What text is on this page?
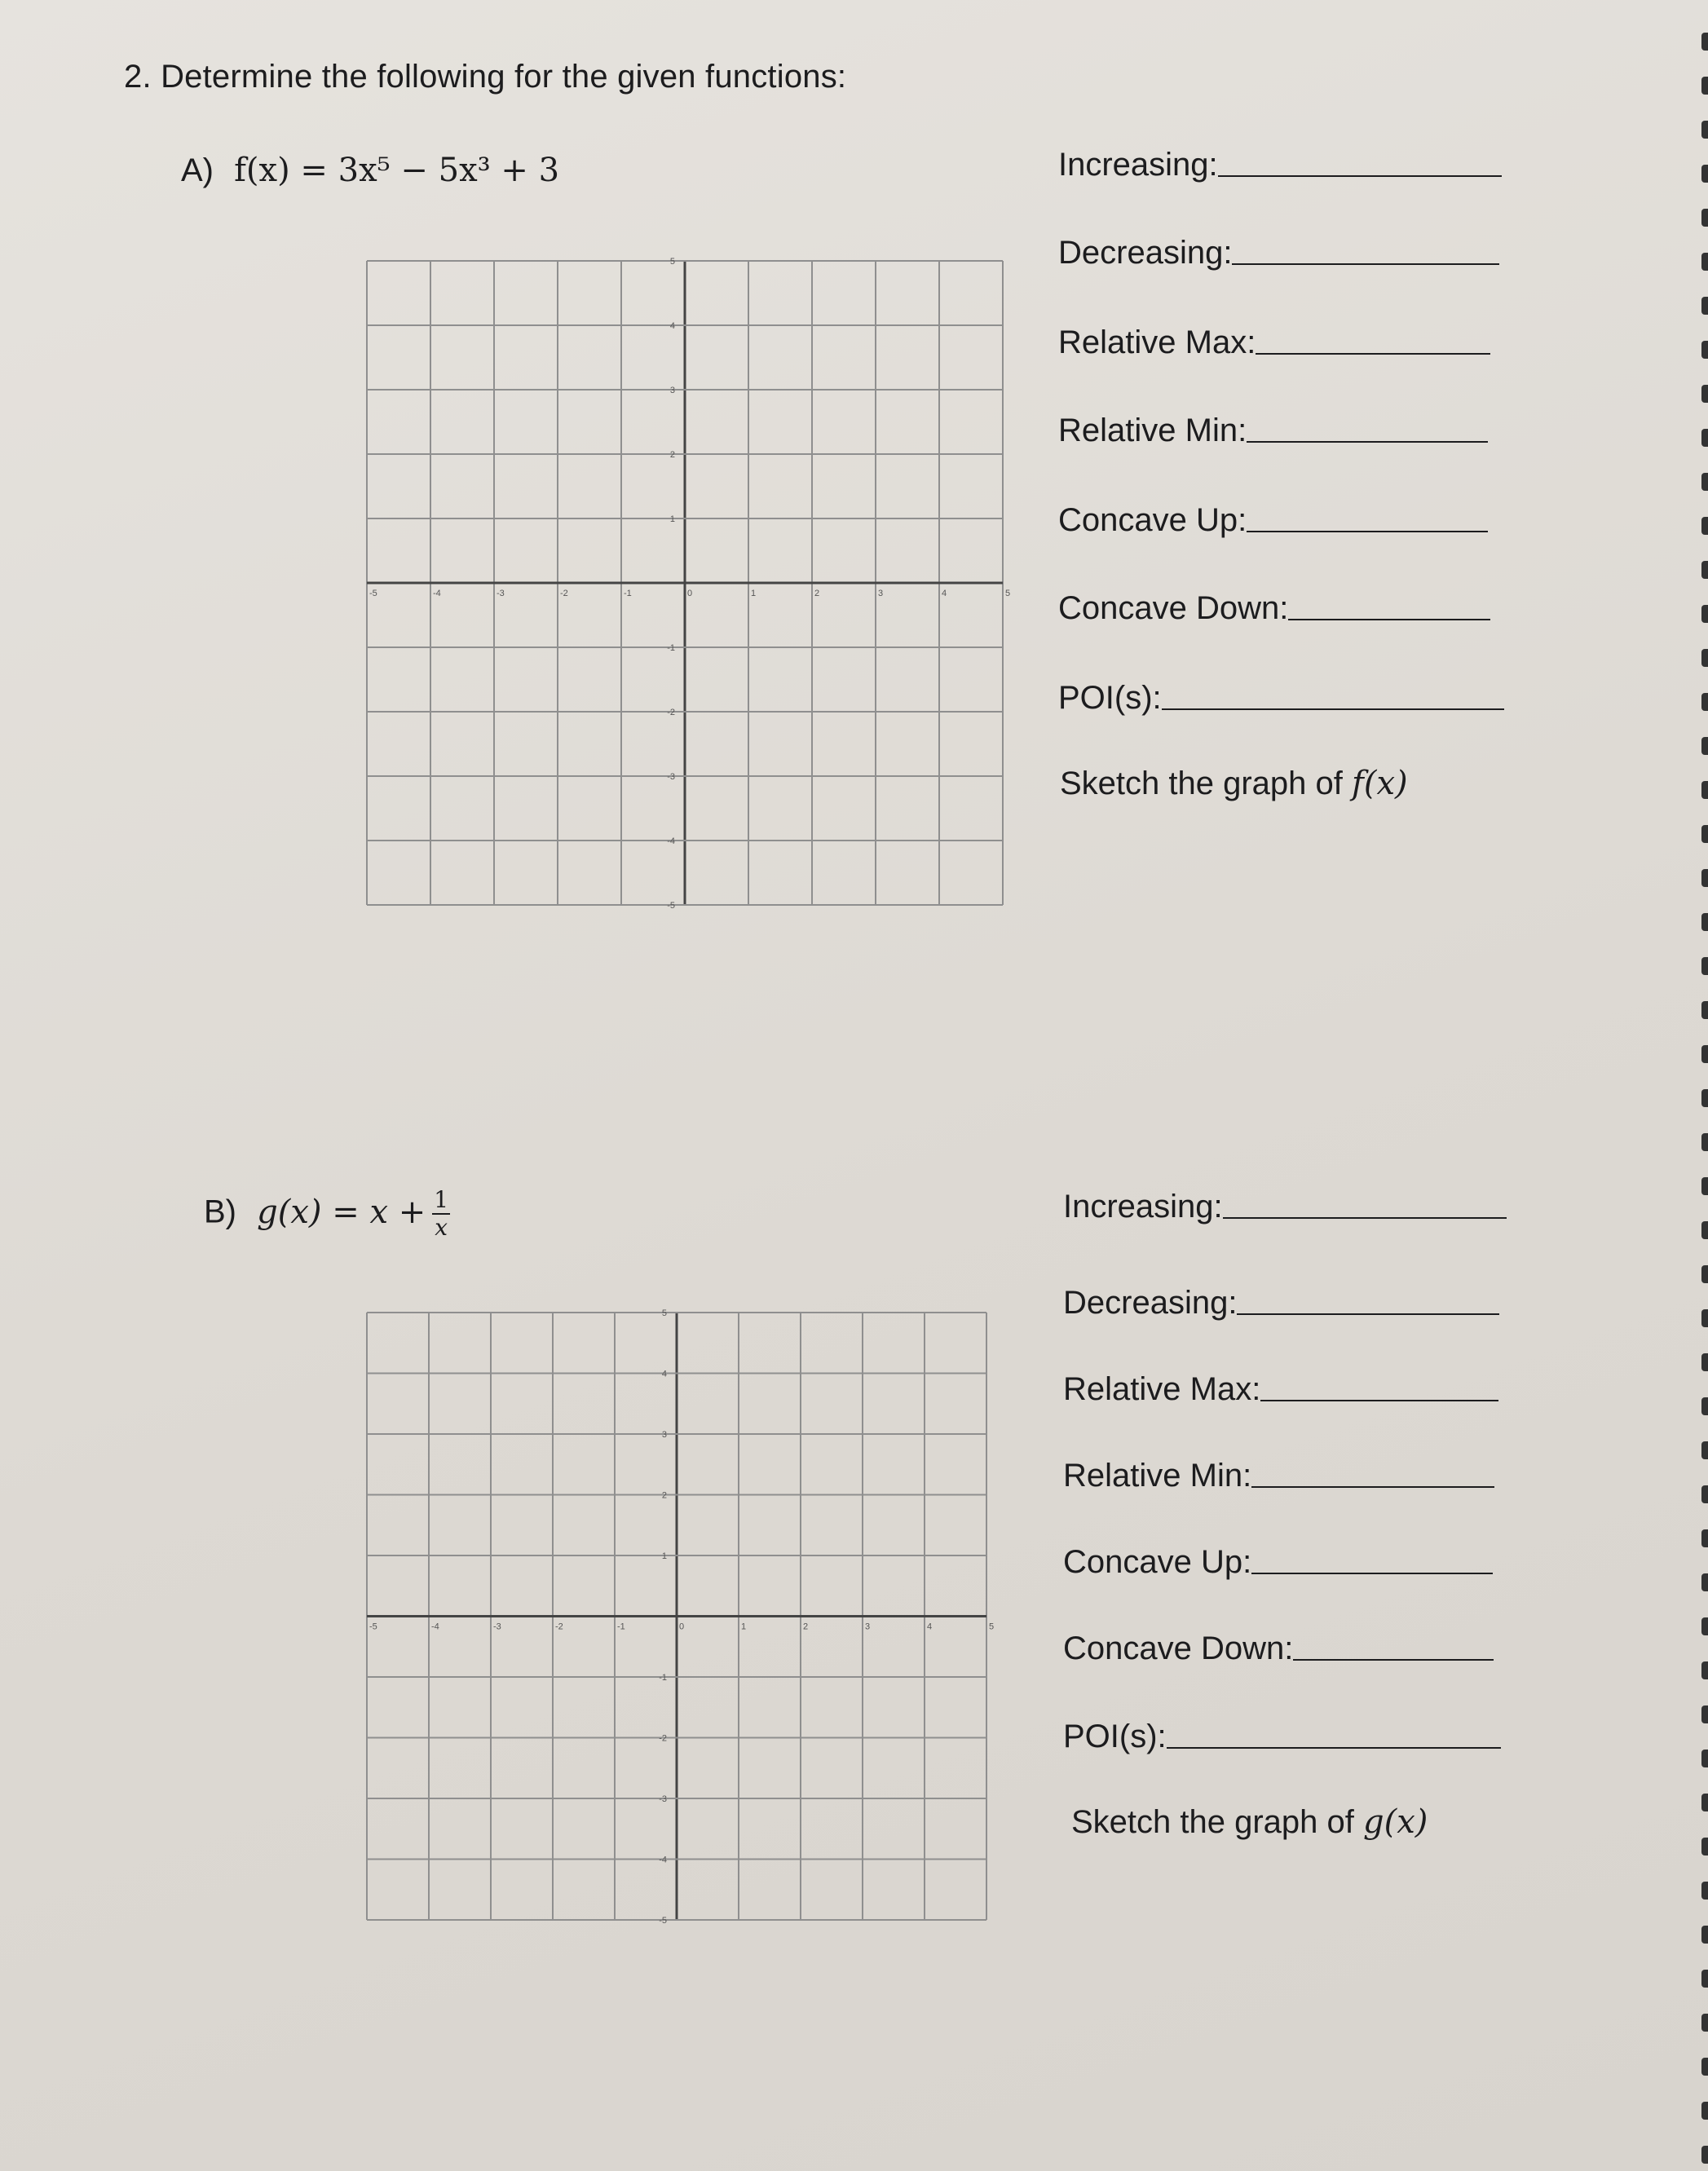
2. Determine the following for the given functions:
A) f(x) = 3x⁵ − 5x³ + 3
-5	-4	-3	-2	-1	0	1	2	3	4	5
5
4
3
2
1
-1
-2
-3
-4
-5
Increasing:
Decreasing:
Relative Max:
Relative Min:
Concave Up:
Concave Down:
POI(s):
Sketch the graph of f(x)
B) $g(x) = x + \frac{1}{x}$
-5	-4	-3	-2	-1	0	1	2	3	4	5
5
4
3
2
1
-1
-2
-3
-4
-5
Increasing:
Decreasing:
Relative Max:
Relative Min:
Concave Up:
Concave Down:
POI(s):
Sketch the graph of g(x)
